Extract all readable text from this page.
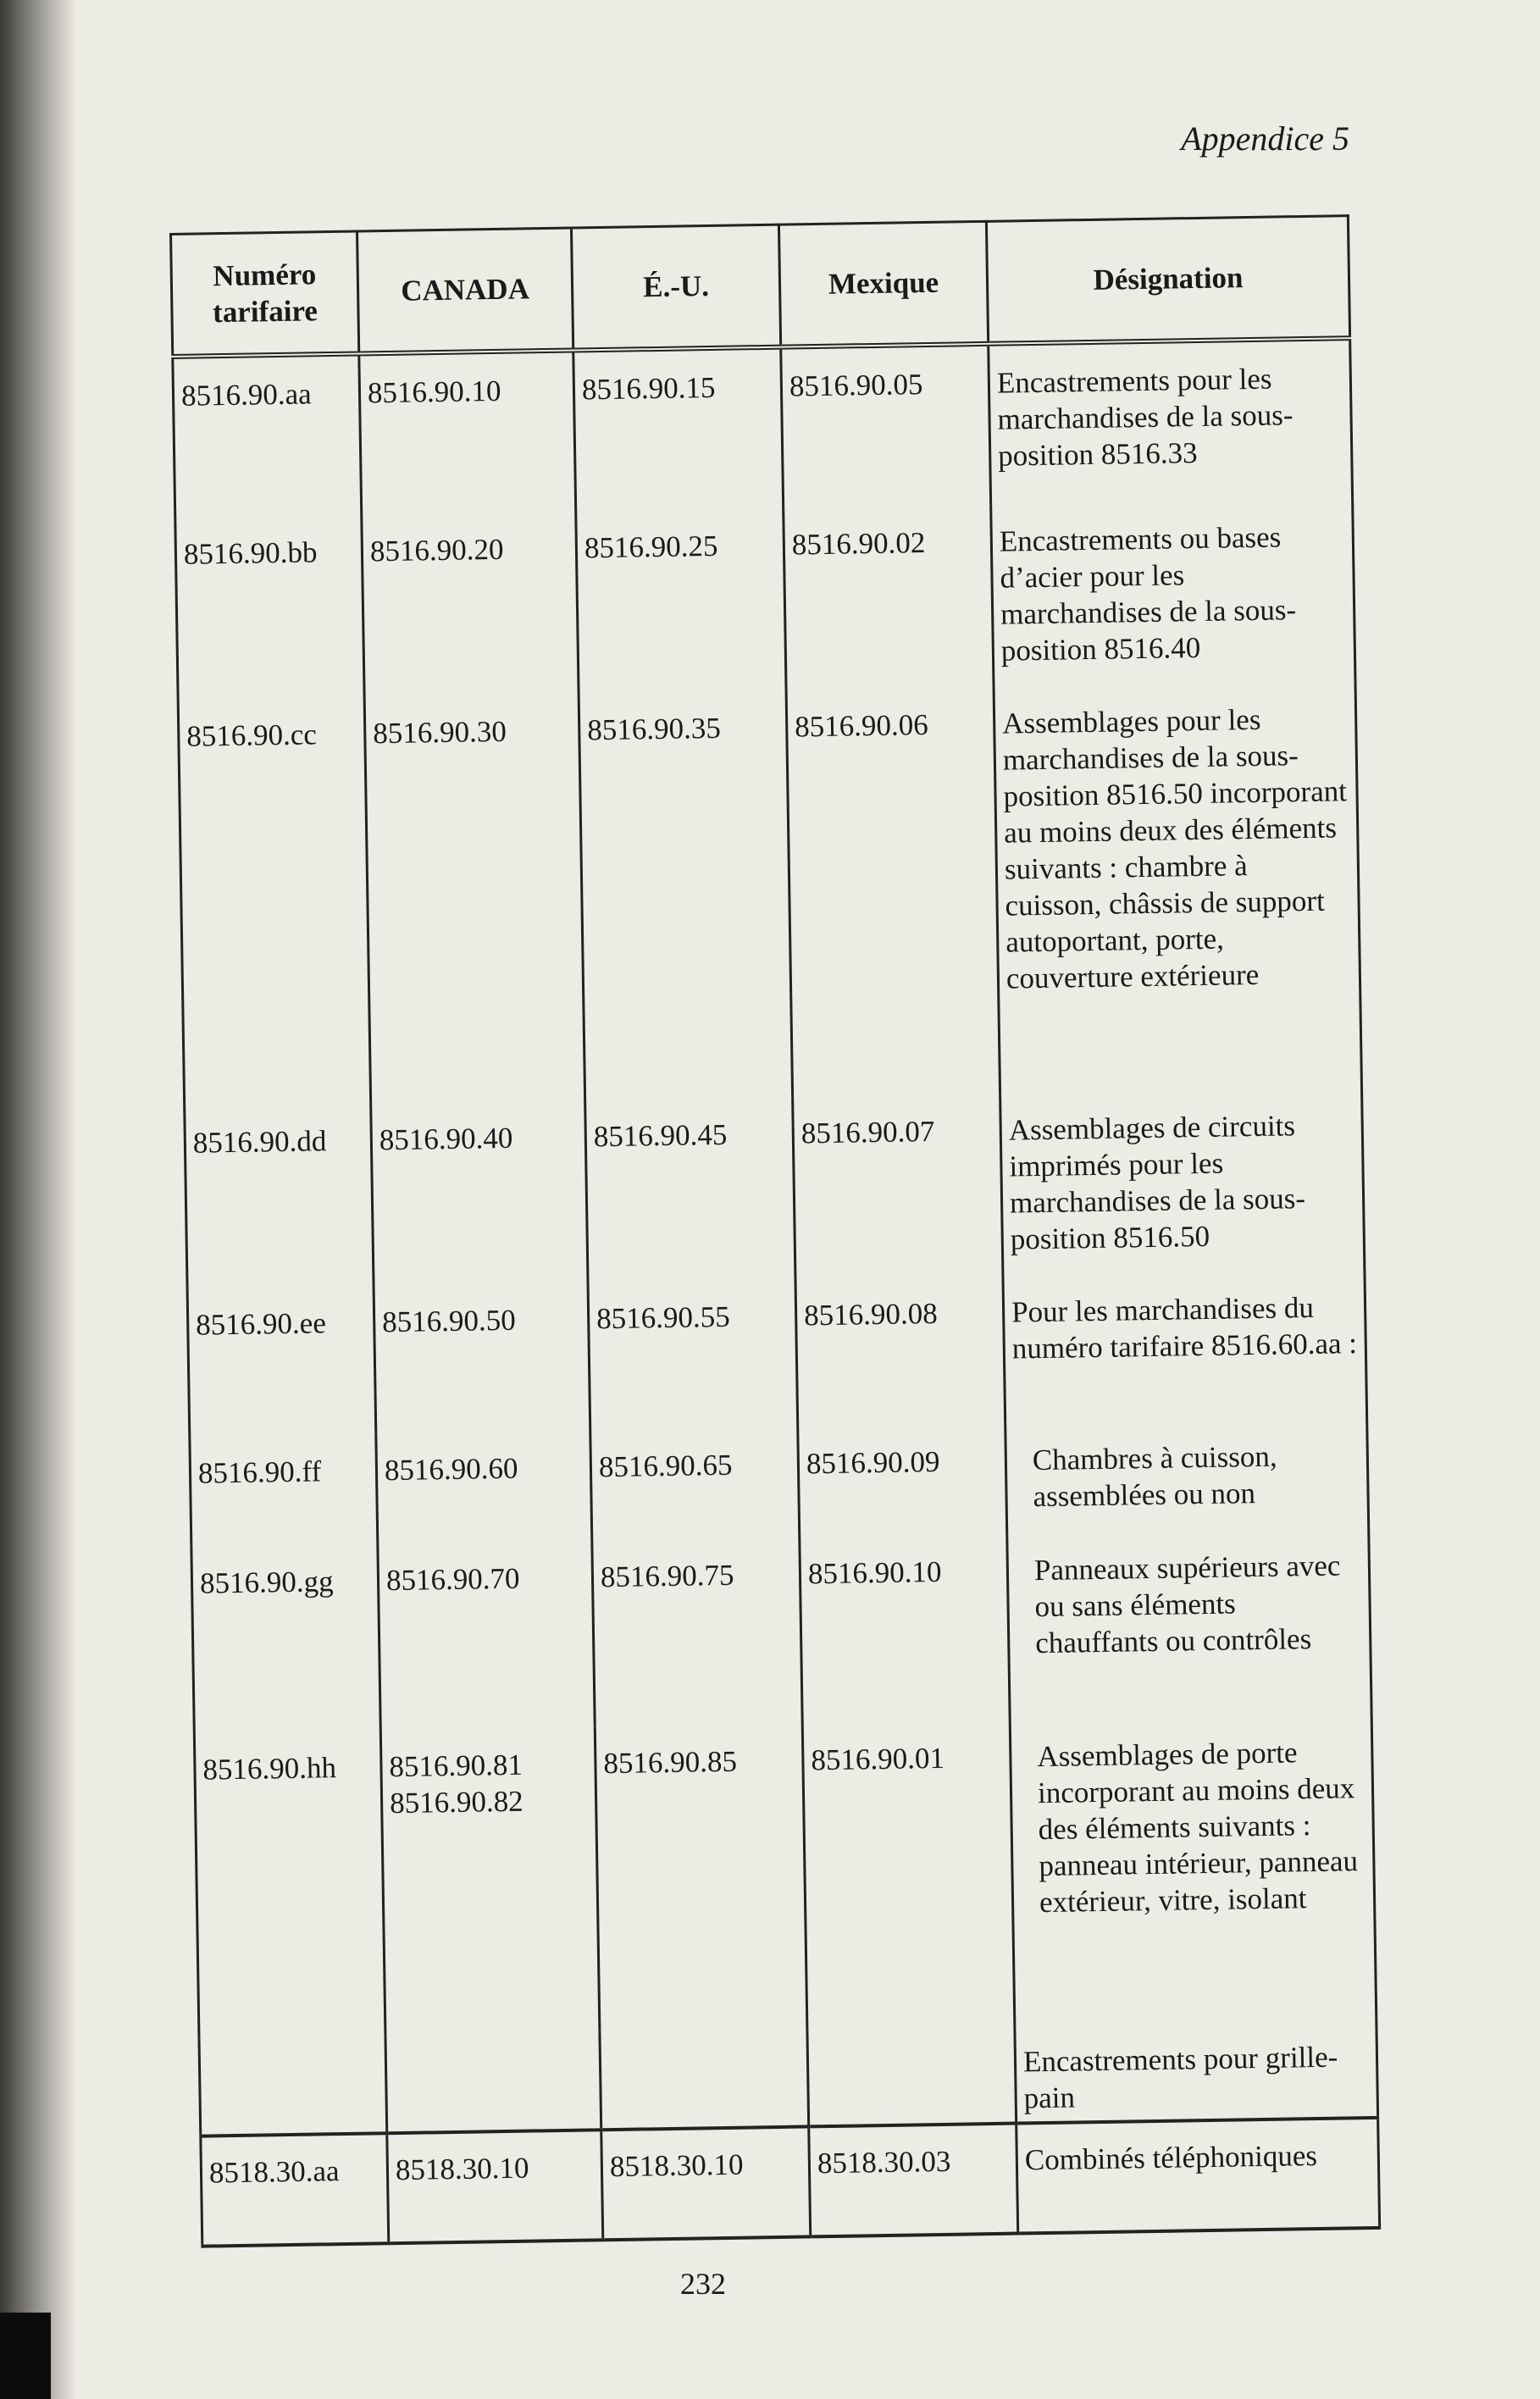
Appendice 5
Numéro tarifaire	CANADA	É.-U.	Mexique	Désignation
8516.90.aa	8516.90.10	8516.90.15	8516.90.05	Encastrements pour les marchandises de la sous-position 8516.33
8516.90.bb	8516.90.20	8516.90.25	8516.90.02	Encastrements ou bases d’acier pour les marchandises de la sous-position 8516.40
8516.90.cc	8516.90.30	8516.90.35	8516.90.06	Assemblages pour les marchandises de la sous-position 8516.50 incorporant au moins deux des éléments suivants : chambre à cuisson, châssis de support autoportant, porte, couverture extérieure
8516.90.dd	8516.90.40	8516.90.45	8516.90.07	Assemblages de circuits imprimés pour les marchandises de la sous-position 8516.50
8516.90.ee	8516.90.50	8516.90.55	8516.90.08	Pour les marchandises du numéro tarifaire 8516.60.aa :
8516.90.ff	8516.90.60	8516.90.65	8516.90.09	Chambres à cuisson, assemblées ou non
8516.90.gg	8516.90.70	8516.90.75	8516.90.10	Panneaux supérieurs avec ou sans éléments chauffants ou contrôles
8516.90.hh	8516.90.81 8516.90.82	8516.90.85	8516.90.01	Assemblages de porte incorporant au moins deux des éléments suivants : panneau intérieur, panneau extérieur, vitre, isolant
				Encastrements pour grille-pain
8518.30.aa	8518.30.10	8518.30.10	8518.30.03	Combinés téléphoniques
232
